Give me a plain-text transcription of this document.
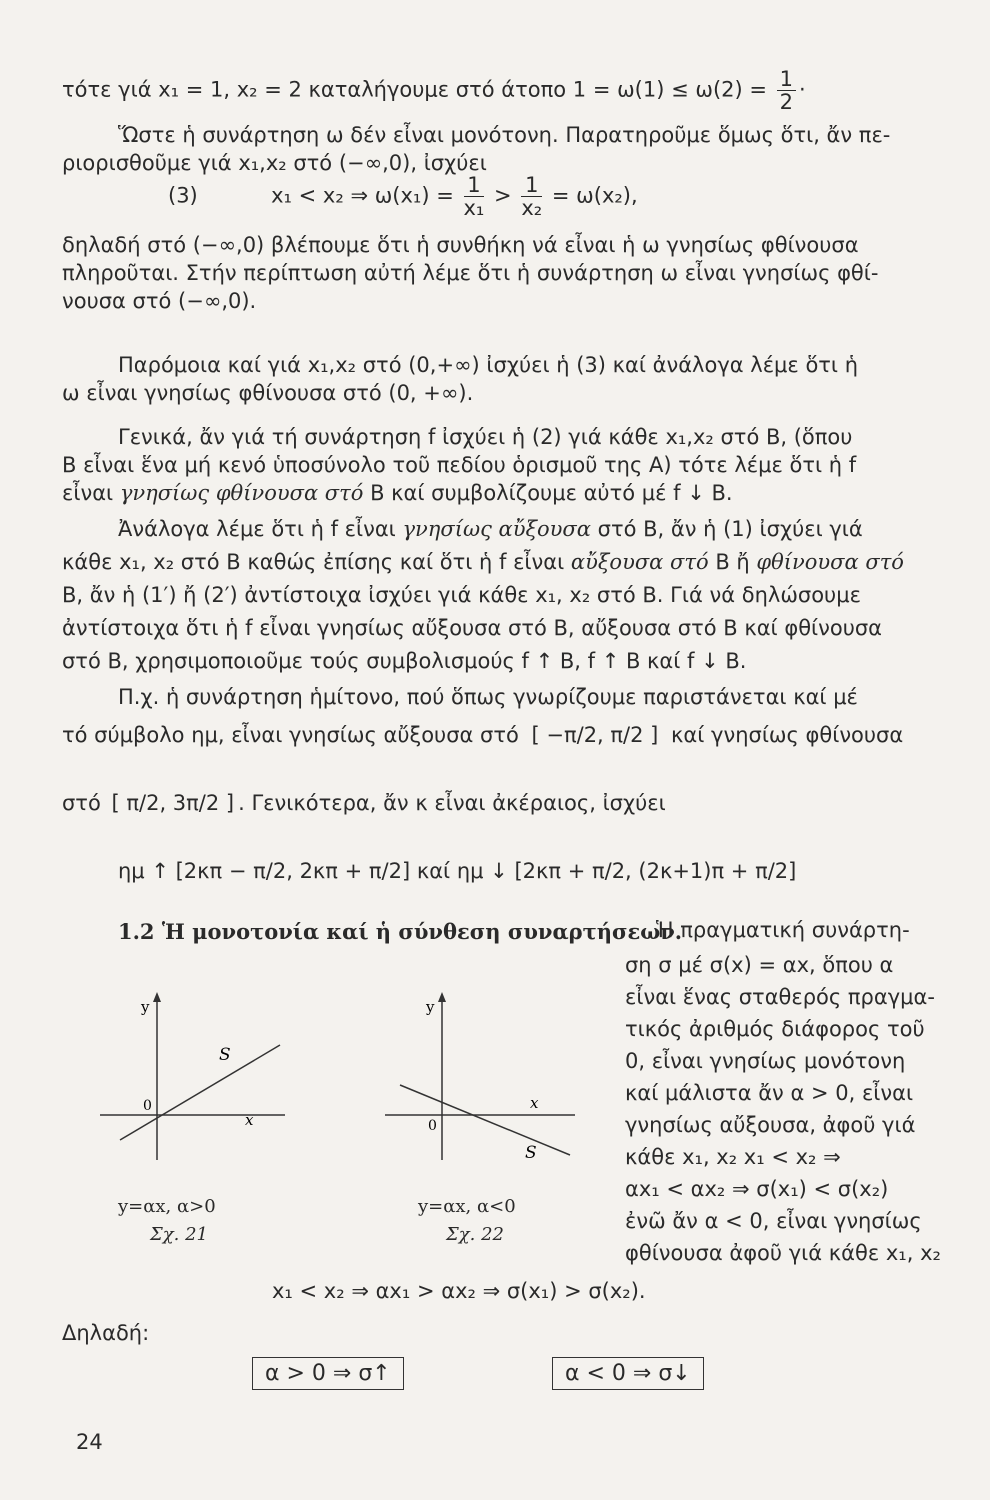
τότε γιά x₁ = 1, x₂ = 2 καταλήγουμε στό άτοπο $1 = \omega(1) \le \omega(2) = \frac{1}{2}$ ·
Ὥστε ἡ συνάρτηση ω δέν εἶναι μονότονη. Παρατηροῦμε ὅμως ὅτι, ἄν πε-
ριορισθοῦμε γιά x₁,x₂ στό (−∞,0), ἰσχύει
(3)	x₁ < x₂ ⇒ $\omega(x_1) = \frac{1}{\text{x₁}} > \frac{1}{\text{x₂}} = \omega(x_2)$,
δηλαδή στό (−∞,0) βλέπουμε ὅτι ἡ συνθήκη νά εἶναι ἡ ω γνησίως φθίνουσα
πληροῦται. Στήν περίπτωση αὐτή λέμε ὅτι ἡ συνάρτηση ω εἶναι γνησίως φθί-
νουσα στό (−∞,0).
Παρόμοια καί γιά x₁,x₂ στό (0,+∞) ἰσχύει ἡ (3) καί ἀνάλογα λέμε ὅτι ἡ
ω εἶναι γνησίως φθίνουσα στό (0, +∞).
Γενικά, ἄν γιά τή συνάρτηση f ἰσχύει ἡ (2) γιά κάθε x₁,x₂ στό Β, (ὅπου
Β εἶναι ἕνα μή κενό ὑποσύνολο τοῦ πεδίου ὁρισμοῦ της Α) τότε λέμε ὅτι ἡ f
εἶναι γνησίως φθίνουσα στό Β καί συμβολίζουμε αὐτό μέ f ↓ Β.
Ἀνάλογα λέμε ὅτι ἡ f εἶναι γνησίως αὔξουσα στό Β, ἄν ἡ (1) ἰσχύει γιά
κάθε x₁, x₂ στό Β καθώς ἐπίσης καί ὅτι ἡ f εἶναι αὔξουσα στό Β ἤ φθίνουσα στό
Β, ἄν ἡ (1′) ἤ (2′) ἀντίστοιχα ἰσχύει γιά κάθε x₁, x₂ στό Β. Γιά νά δηλώσουμε
ἀντίστοιχα ὅτι ἡ f εἶναι γνησίως αὔξουσα στό Β, αὔξουσα στό Β καί φθίνουσα
στό Β, χρησιμοποιοῦμε τούς συμβολισμούς f ↑ Β, f ↑ Β καί f ↓ Β.
Π.χ. ἡ συνάρτηση ἡμίτονο, πού ὅπως γνωρίζουμε παριστάνεται καί μέ
τό σύμβολο ημ, εἶναι γνησίως αὔξουσα στό [ −π/2, π/2 ] καί γνησίως φθίνουσα
στό [ π/2, 3π/2 ] . Γενικότερα, ἄν κ εἶναι ἀκέραιος, ἰσχύει
ημ ↑ [2κπ − π/2, 2κπ + π/2] καί ημ ↓ [2κπ + π/2, (2κ+1)π + π/2]
1.2 Ἡ μονοτονία καί ἡ σύνθεση συναρτήσεων.
Ἡ πραγματική συνάρτη-
ση σ μέ σ(x) = αx, ὅπου α
εἶναι ἕνας σταθερός πραγμα-
τικός ἀριθμός διάφορος τοῦ
0, εἶναι γνησίως μονότονη
καί μάλιστα ἄν α > 0, εἶναι
γνησίως αὔξουσα, ἀφοῦ γιά
κάθε x₁, x₂ x₁ < x₂ ⇒
αx₁ < αx₂ ⇒ σ(x₁) < σ(x₂)
ἐνῶ ἄν α < 0, εἶναι γνησίως
φθίνουσα ἀφοῦ γιά κάθε x₁, x₂
y
x
0
S
y=αx, α>0
Σχ. 21
y
x
0
S
y=αx, α<0
Σχ. 22
x₁ < x₂ ⇒ αx₁ > αx₂ ⇒ σ(x₁) > σ(x₂).
Δηλαδή:
α > 0 ⇒ σ↑	α < 0 ⇒ σ↓
24
